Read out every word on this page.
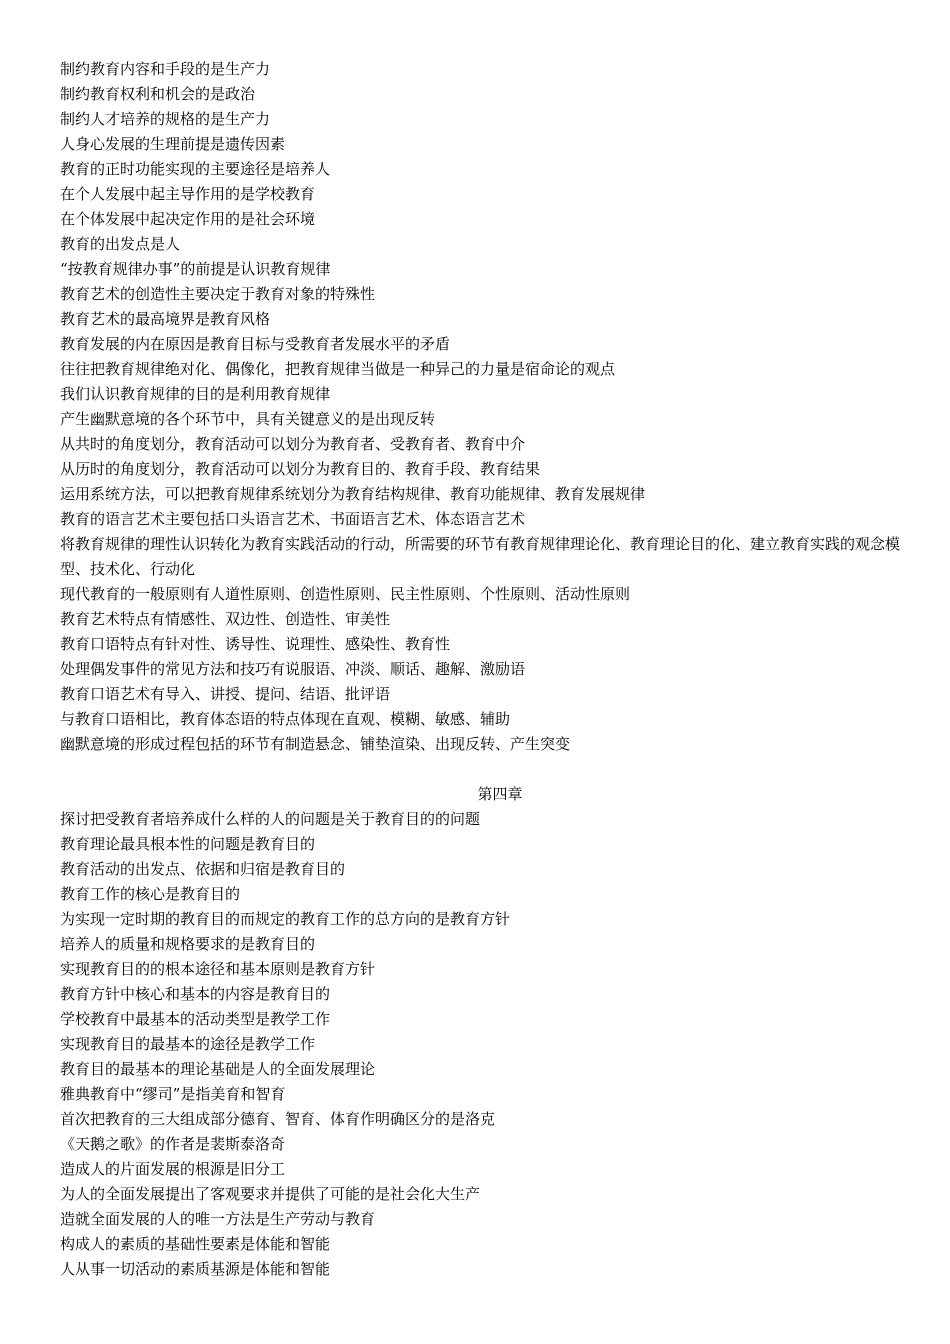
制约教育内容和手段的是生产力
制约教育权利和机会的是政治
制约人才培养的规格的是生产力
人身心发展的生理前提是遗传因素
教育的正时功能实现的主要途径是培养人
在个人发展中起主导作用的是学校教育
在个体发展中起决定作用的是社会环境
教育的出发点是人
“按教育规律办事”的前提是认识教育规律
教育艺术的创造性主要决定于教育对象的特殊性
教育艺术的最高境界是教育风格
教育发展的内在原因是教育目标与受教育者发展水平的矛盾
往往把教育规律绝对化、偶像化，把教育规律当做是一种异己的力量是宿命论的观点
我们认识教育规律的目的是利用教育规律
产生幽默意境的各个环节中，具有关键意义的是出现反转
从共时的角度划分，教育活动可以划分为教育者、受教育者、教育中介
从历时的角度划分，教育活动可以划分为教育目的、教育手段、教育结果
运用系统方法，可以把教育规律系统划分为教育结构规律、教育功能规律、教育发展规律
教育的语言艺术主要包括口头语言艺术、书面语言艺术、体态语言艺术
将教育规律的理性认识转化为教育实践活动的行动，所需要的环节有教育规律理论化、教育理论目的化、建立教育实践的观念模型、技术化、行动化
现代教育的一般原则有人道性原则、创造性原则、民主性原则、个性原则、活动性原则
教育艺术特点有情感性、双边性、创造性、审美性
教育口语特点有针对性、诱导性、说理性、感染性、教育性
处理偶发事件的常见方法和技巧有说服语、冲淡、顺话、趣解、激励语
教育口语艺术有导入、讲授、提问、结语、批评语
与教育口语相比，教育体态语的特点体现在直观、模糊、敏感、辅助
幽默意境的形成过程包括的环节有制造悬念、铺垫渲染、出现反转、产生突变
第四章
探讨把受教育者培养成什么样的人的问题是关于教育目的的问题
教育理论最具根本性的问题是教育目的
教育活动的出发点、依据和归宿是教育目的
教育工作的核心是教育目的
为实现一定时期的教育目的而规定的教育工作的总方向的是教育方针
培养人的质量和规格要求的是教育目的
实现教育目的的根本途径和基本原则是教育方针
教育方针中核心和基本的内容是教育目的
学校教育中最基本的活动类型是教学工作
实现教育目的最基本的途径是教学工作
教育目的最基本的理论基础是人的全面发展理论
雅典教育中“缪司”是指美育和智育
首次把教育的三大组成部分德育、智育、体育作明确区分的是洛克
《天鹅之歌》的作者是裴斯泰洛奇
造成人的片面发展的根源是旧分工
为人的全面发展提出了客观要求并提供了可能的是社会化大生产
造就全面发展的人的唯一方法是生产劳动与教育
构成人的素质的基础性要素是体能和智能
人从事一切活动的素质基源是体能和智能
